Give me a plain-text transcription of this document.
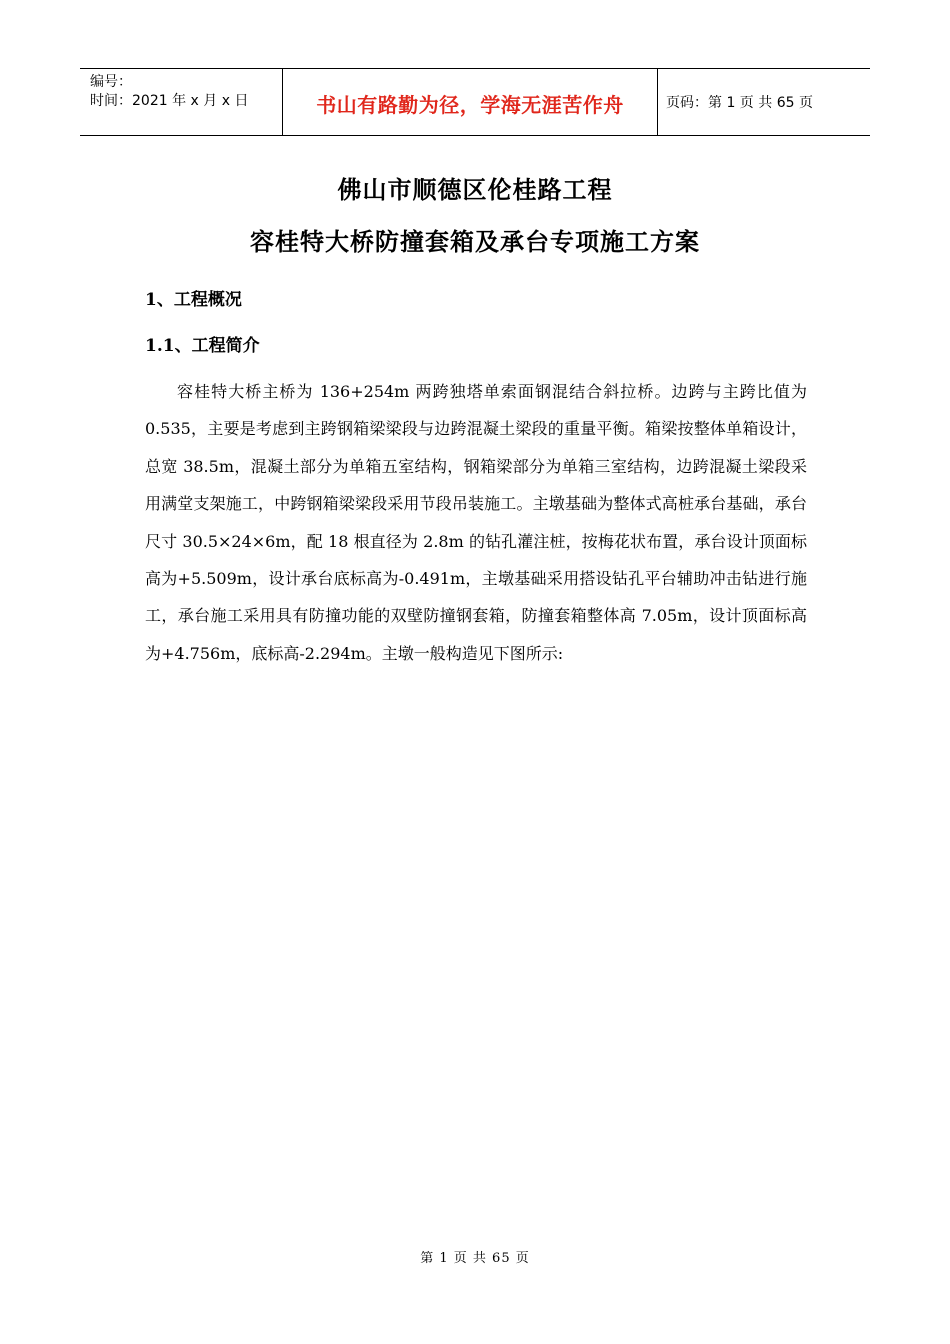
编号：
时间：2021 年 x 月 x 日	书山有路勤为径，学海无涯苦作舟	页码：第 1 页 共 65 页
佛山市顺德区伦桂路工程
容桂特大桥防撞套箱及承台专项施工方案
1、工程概况
1.1、工程简介

容桂特大桥主桥为 136+254m 两跨独塔单索面钢混结合斜拉桥。边跨与主跨比值为 0.535，主要是考虑到主跨钢箱梁梁段与边跨混凝土梁段的重量平衡。箱梁按整体单箱设计，总宽 38.5m，混凝土部分为单箱五室结构，钢箱梁部分为单箱三室结构，边跨混凝土梁段采用满堂支架施工，中跨钢箱梁梁段采用节段吊装施工。主墩基础为整体式高桩承台基础，承台尺寸 30.5×24×6m，配 18 根直径为 2.8m 的钻孔灌注桩，按梅花状布置，承台设计顶面标高为+5.509m，设计承台底标高为-0.491m，主墩基础采用搭设钻孔平台辅助冲击钻进行施工，承台施工采用具有防撞功能的双壁防撞钢套箱，防撞套箱整体高 7.05m，设计顶面标高为+4.756m，底标高-2.294m。主墩一般构造见下图所示:

第 1 页 共 65 页
